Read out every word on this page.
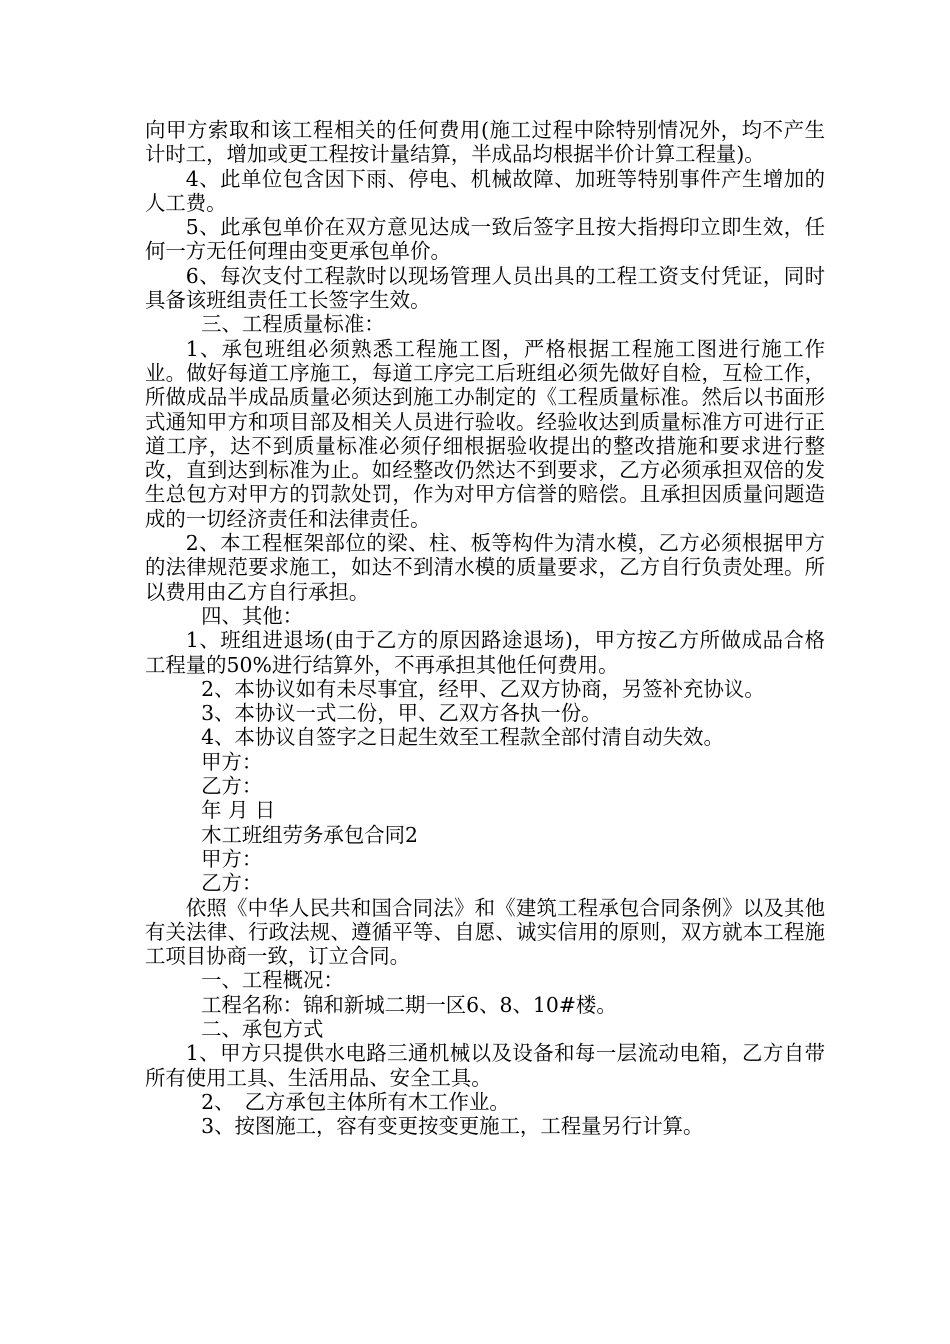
向甲方索取和该工程相关的任何费用(施工过程中除特别情况外，均不产生计时工，增加或更工程按计量结算，半成品均根据半价计算工程量)。

4、此单位包含因下雨、停电、机械故障、加班等特别事件产生增加的人工费。

5、此承包单价在双方意见达成一致后签字且按大指拇印立即生效，任何一方无任何理由变更承包单价。

6、每次支付工程款时以现场管理人员出具的工程工资支付凭证，同时具备该班组责任工长签字生效。

三、工程质量标准：

1、承包班组必须熟悉工程施工图，严格根据工程施工图进行施工作业。做好每道工序施工，每道工序完工后班组必须先做好自检，互检工作，所做成品半成品质量必须达到施工办制定的《工程质量标准。然后以书面形式通知甲方和项目部及相关人员进行验收。经验收达到质量标准方可进行正道工序，达不到质量标准必须仔细根据验收提出的整改措施和要求进行整改，直到达到标准为止。如经整改仍然达不到要求，乙方必须承担双倍的发生总包方对甲方的罚款处罚，作为对甲方信誉的赔偿。且承担因质量问题造成的一切经济责任和法律责任。

2、本工程框架部位的梁、柱、板等构件为清水模，乙方必须根据甲方的法律规范要求施工，如达不到清水模的质量要求，乙方自行负责处理。所以费用由乙方自行承担。

四、其他：

1、班组进退场(由于乙方的原因路途退场)，甲方按乙方所做成品合格工程量的50%进行结算外，不再承担其他任何费用。

2、本协议如有未尽事宜，经甲、乙双方协商，另签补充协议。

3、本协议一式二份，甲、乙双方各执一份。

4、本协议自签字之日起生效至工程款全部付清自动失效。

甲方：

乙方：

年 月 日

木工班组劳务承包合同2

甲方：

乙方：

依照《中华人民共和国合同法》和《建筑工程承包合同条例》以及其他有关法律、行政法规、遵循平等、自愿、诚实信用的原则，双方就本工程施工项目协商一致，订立合同。

一、工程概况：

工程名称：锦和新城二期一区6、8、10#楼。

二、承包方式

1、甲方只提供水电路三通机械以及设备和每一层流动电箱，乙方自带所有使用工具、生活用品、安全工具。

2、　乙方承包主体所有木工作业。

3、按图施工，容有变更按变更施工，工程量另行计算。
